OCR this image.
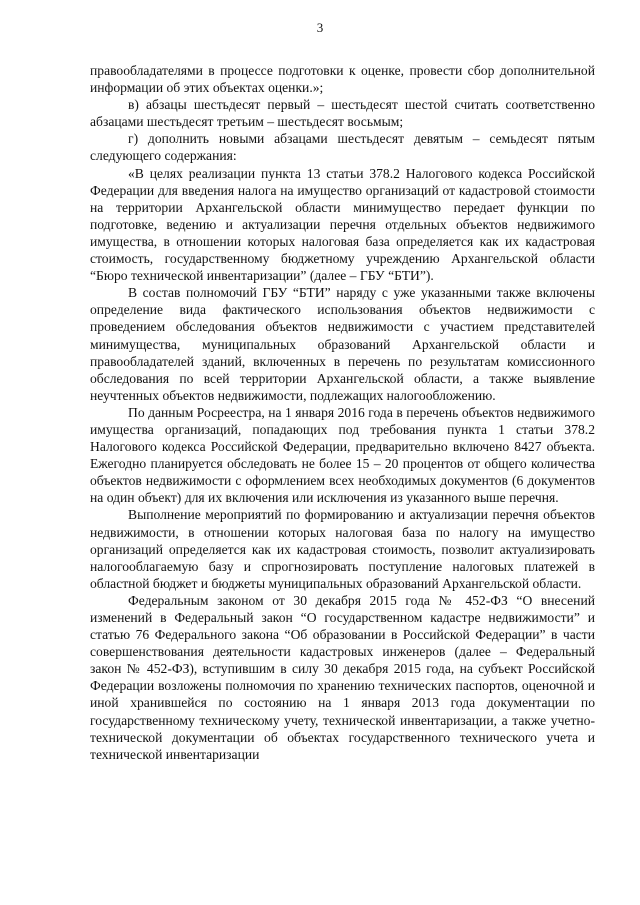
3

правообладателями в процессе подготовки к оценке, провести сбор дополнительной информации об этих объектах оценки.»;

в) абзацы шестьдесят первый – шестьдесят шестой считать соответственно абзацами шестьдесят третьим – шестьдесят восьмым;

г) дополнить новыми абзацами шестьдесят девятым – семьдесят пятым следующего содержания:

«В целях реализации пункта 13 статьи 378.2 Налогового кодекса Российской Федерации для введения налога на имущество организаций от кадастровой стоимости на территории Архангельской области минимущество передает функции по подготовке, ведению и актуализации перечня отдельных объектов недвижимого имущества, в отношении которых налоговая база определяется как их кадастровая стоимость, государственному бюджетному учреждению Архангельской области “Бюро технической инвентаризации” (далее – ГБУ “БТИ”).

В состав полномочий ГБУ “БТИ” наряду с уже указанными также включены определение вида фактического использования объектов недвижимости с проведением обследования объектов недвижимости с участием представителей минимущества, муниципальных образований Архангельской области и правообладателей зданий, включенных в перечень по результатам комиссионного обследования по всей территории Архангельской области, а также выявление неучтенных объектов недвижимости, подлежащих налогообложению.

По данным Росреестра, на 1 января 2016 года в перечень объектов недвижимого имущества организаций, попадающих под требования пункта 1 статьи 378.2 Налогового кодекса Российской Федерации, предварительно включено 8427 объекта. Ежегодно планируется обследовать не более 15 – 20 процентов от общего количества объектов недвижимости с оформлением всех необходимых документов (6 документов на один объект) для их включения или исключения из указанного выше перечня.

Выполнение мероприятий по формированию и актуализации перечня объектов недвижимости, в отношении которых налоговая база по налогу на имущество организаций определяется как их кадастровая стоимость, позволит актуализировать налогооблагаемую базу и спрогнозировать поступление налоговых платежей в областной бюджет и бюджеты муниципальных образований Архангельской области.

Федеральным законом от 30 декабря 2015 года № 452-ФЗ “О внесений изменений в Федеральный закон “О государственном кадастре недвижимости” и статью 76 Федерального закона “Об образовании в Российской Федерации” в части совершенствования деятельности кадастровых инженеров (далее – Федеральный закон № 452-ФЗ), вступившим в силу 30 декабря 2015 года, на субъект Российской Федерации возложены полномочия по хранению технических паспортов, оценочной и иной хранившейся по состоянию на 1 января 2013 года документации по государственному техническому учету, технической инвентаризации, а также учетно-технической документации об объектах государственного технического учета и технической инвентаризации
